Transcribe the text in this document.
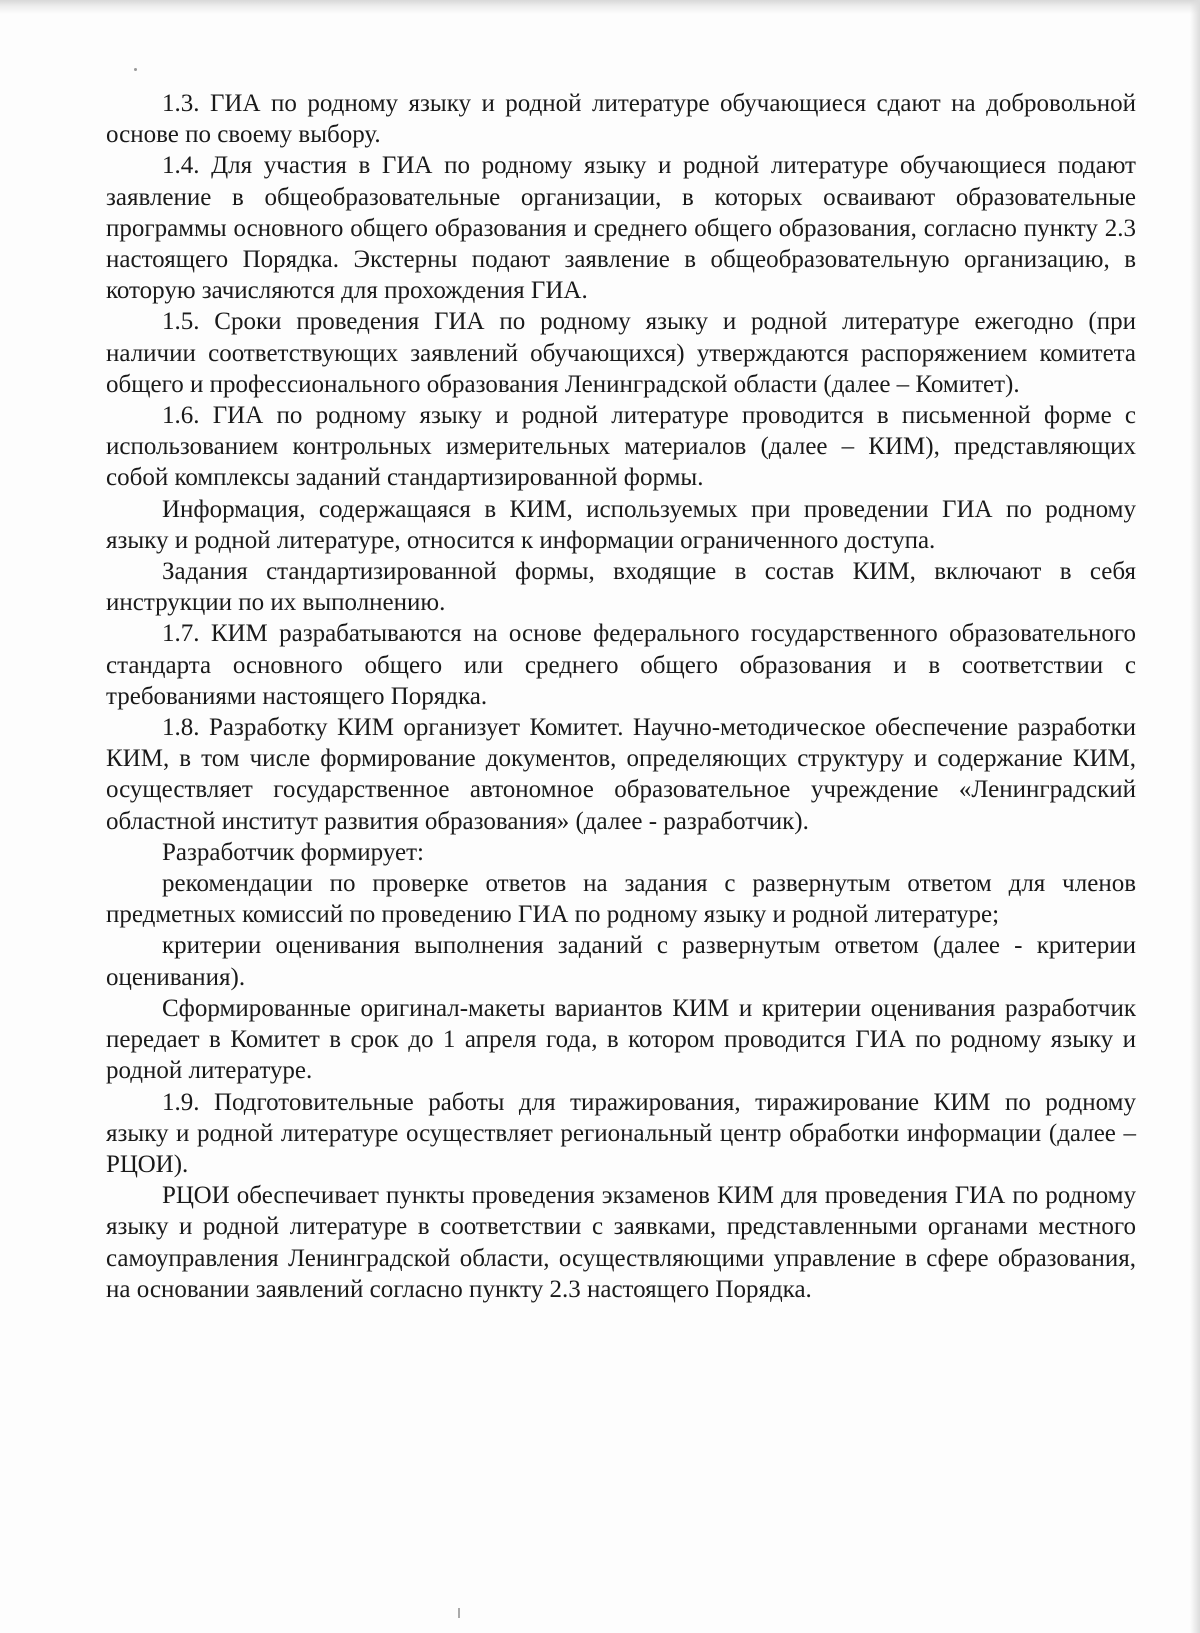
1.3. ГИА по родному языку и родной литературе обучающиеся сдают на добровольной основе по своему выбору.

1.4. Для участия в ГИА по родному языку и родной литературе обучающиеся подают заявление в общеобразовательные организации, в которых осваивают образовательные программы основного общего образования и среднего общего образования, согласно пункту 2.3 настоящего Порядка. Экстерны подают заявление в общеобразовательную организацию, в которую зачисляются для прохождения ГИА.

1.5. Сроки проведения ГИА по родному языку и родной литературе ежегодно (при наличии соответствующих заявлений обучающихся) утверждаются распоряжением комитета общего и профессионального образования Ленинградской области (далее – Комитет).

1.6. ГИА по родному языку и родной литературе проводится в письменной форме с использованием контрольных измерительных материалов (далее – КИМ), представляющих собой комплексы заданий стандартизированной формы.

Информация, содержащаяся в КИМ, используемых при проведении ГИА по родному языку и родной литературе, относится к информации ограниченного доступа.

Задания стандартизированной формы, входящие в состав КИМ, включают в себя инструкции по их выполнению.

1.7. КИМ разрабатываются на основе федерального государственного образовательного стандарта основного общего или среднего общего образования и в соответствии с требованиями настоящего Порядка.

1.8. Разработку КИМ организует Комитет. Научно-методическое обеспечение разработки КИМ, в том числе формирование документов, определяющих структуру и содержание КИМ, осуществляет государственное автономное образовательное учреждение «Ленинградский областной институт развития образования» (далее - разработчик).

Разработчик формирует:

рекомендации по проверке ответов на задания с развернутым ответом для членов предметных комиссий по проведению ГИА по родному языку и родной литературе;

критерии оценивания выполнения заданий с развернутым ответом (далее - критерии оценивания).

Сформированные оригинал-макеты вариантов КИМ и критерии оценивания разработчик передает в Комитет в срок до 1 апреля года, в котором проводится ГИА по родному языку и родной литературе.

1.9. Подготовительные работы для тиражирования, тиражирование КИМ по родному языку и родной литературе осуществляет региональный центр обработки информации (далее – РЦОИ).

РЦОИ обеспечивает пункты проведения экзаменов КИМ для проведения ГИА по родному языку и родной литературе в соответствии с заявками, представленными органами местного самоуправления Ленинградской области, осуществляющими управление в сфере образования, на основании заявлений согласно пункту 2.3 настоящего Порядка.
